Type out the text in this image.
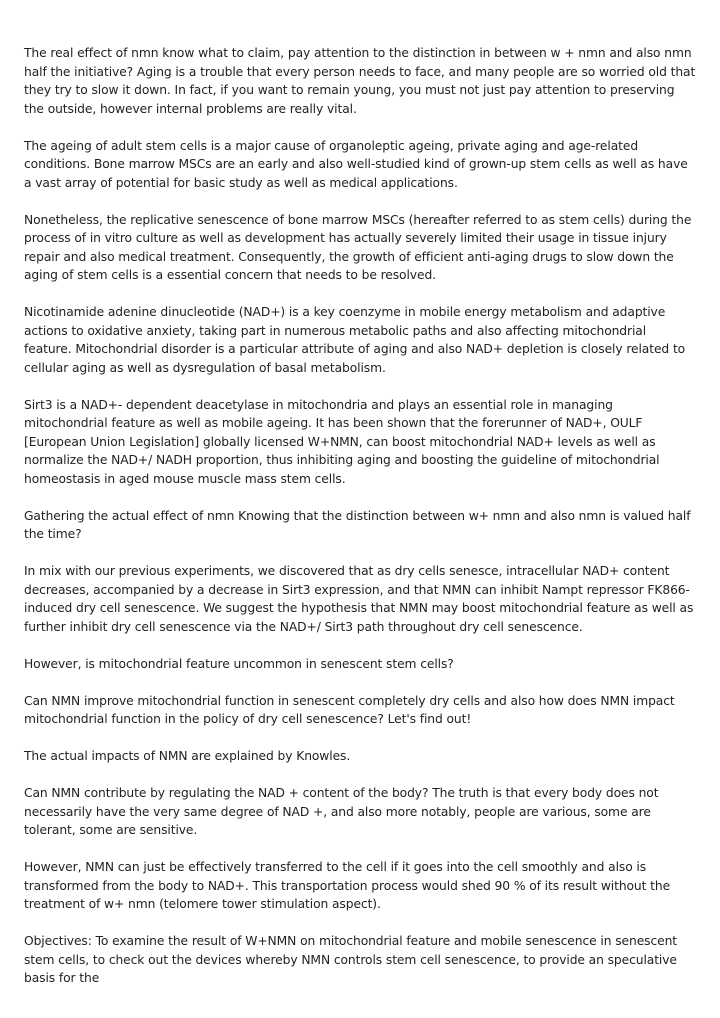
The real effect of nmn know what to claim, pay attention to the distinction in between w + nmn and also nmn half the initiative? Aging is a trouble that every person needs to face, and many people are so worried old that they try to slow it down. In fact, if you want to remain young, you must not just pay attention to preserving the outside, however internal problems are really vital.

The ageing of adult stem cells is a major cause of organoleptic ageing, private aging and age-related conditions. Bone marrow MSCs are an early and also well-studied kind of grown-up stem cells as well as have a vast array of potential for basic study as well as medical applications.

Nonetheless, the replicative senescence of bone marrow MSCs (hereafter referred to as stem cells) during the process of in vitro culture as well as development has actually severely limited their usage in tissue injury repair and also medical treatment. Consequently, the growth of efficient anti-aging drugs to slow down the aging of stem cells is a essential concern that needs to be resolved.

Nicotinamide adenine dinucleotide (NAD+) is a key coenzyme in mobile energy metabolism and adaptive actions to oxidative anxiety, taking part in numerous metabolic paths and also affecting mitochondrial feature. Mitochondrial disorder is a particular attribute of aging and also NAD+ depletion is closely related to cellular aging as well as dysregulation of basal metabolism.

Sirt3 is a NAD+- dependent deacetylase in mitochondria and plays an essential role in managing mitochondrial feature as well as mobile ageing. It has been shown that the forerunner of NAD+, OULF [European Union Legislation] globally licensed W+NMN, can boost mitochondrial NAD+ levels as well as normalize the NAD+/ NADH proportion, thus inhibiting aging and boosting the guideline of mitochondrial homeostasis in aged mouse muscle mass stem cells.

Gathering the actual effect of nmn Knowing that the distinction between w+ nmn and also nmn is valued half the time?

In mix with our previous experiments, we discovered that as dry cells senesce, intracellular NAD+ content decreases, accompanied by a decrease in Sirt3 expression, and that NMN can inhibit Nampt repressor FK866-induced dry cell senescence. We suggest the hypothesis that NMN may boost mitochondrial feature as well as further inhibit dry cell senescence via the NAD+/ Sirt3 path throughout dry cell senescence.

However, is mitochondrial feature uncommon in senescent stem cells?

Can NMN improve mitochondrial function in senescent completely dry cells and also how does NMN impact mitochondrial function in the policy of dry cell senescence? Let's find out!

The actual impacts of NMN are explained by Knowles.

Can NMN contribute by regulating the NAD + content of the body? The truth is that every body does not necessarily have the very same degree of NAD +, and also more notably, people are various, some are tolerant, some are sensitive.

However, NMN can just be effectively transferred to the cell if it goes into the cell smoothly and also is transformed from the body to NAD+. This transportation process would shed 90 % of its result without the treatment of w+ nmn (telomere tower stimulation aspect).

Objectives: To examine the result of W+NMN on mitochondrial feature and mobile senescence in senescent stem cells, to check out the devices whereby NMN controls stem cell senescence, to provide an speculative basis for the
